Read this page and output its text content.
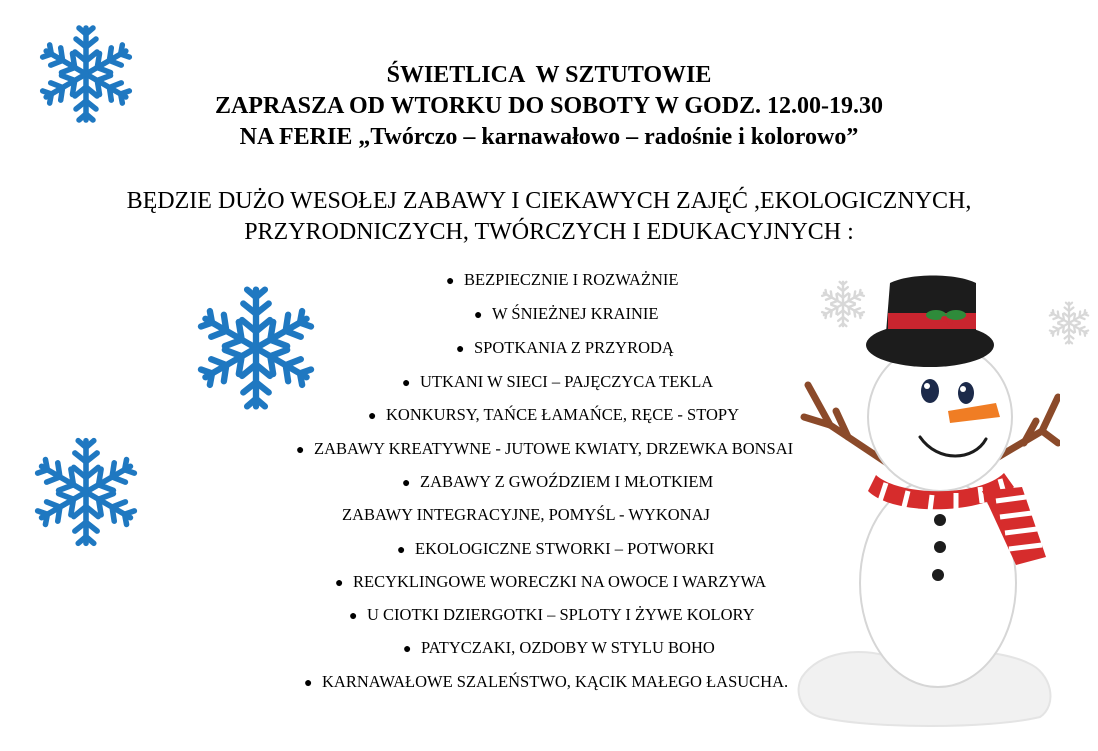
ŚWIETLICA  W SZTUTOWIE
ZAPRASZA OD WTORKU DO SOBOTY W GODZ. 12.00-19.30
NA FERIE „Twórczo – karnawałowo – radośnie i kolorowo”
BĘDZIE DUŻO WESOŁEJ ZABAWY I CIEKAWYCH ZAJĘĆ ,EKOLOGICZNYCH,
PRZYRODNICZYCH, TWÓRCZYCH I EDUKACYJNYCH :
● BEZPIECZNIE I ROZWAŻNIE
● W ŚNIEŻNEJ KRAINIE
● SPOTKANIA Z PRZYRODĄ
● UTKANI W SIECI – PAJĘCZYCA TEKLA
● KONKURSY, TAŃCE ŁAMAŃCE, RĘCE - STOPY
● ZABAWY KREATYWNE - JUTOWE KWIATY, DRZEWKA BONSAI
● ZABAWY Z GWOŹDZIEM I MŁOTKIEM
ZABAWY INTEGRACYJNE, POMYŚL - WYKONAJ
● EKOLOGICZNE STWORKI – POTWORKI
● RECYKLINGOWE WORECZKI NA OWOCE I WARZYWA
● U CIOTKI DZIERGOTKI – SPLOTY I ŻYWE KOLORY
● PATYCZAKI, OZDOBY W STYLU BOHO
● KARNAWAŁOWE SZALEŃSTWO, KĄCIK MAŁEGO ŁASUCHA.
